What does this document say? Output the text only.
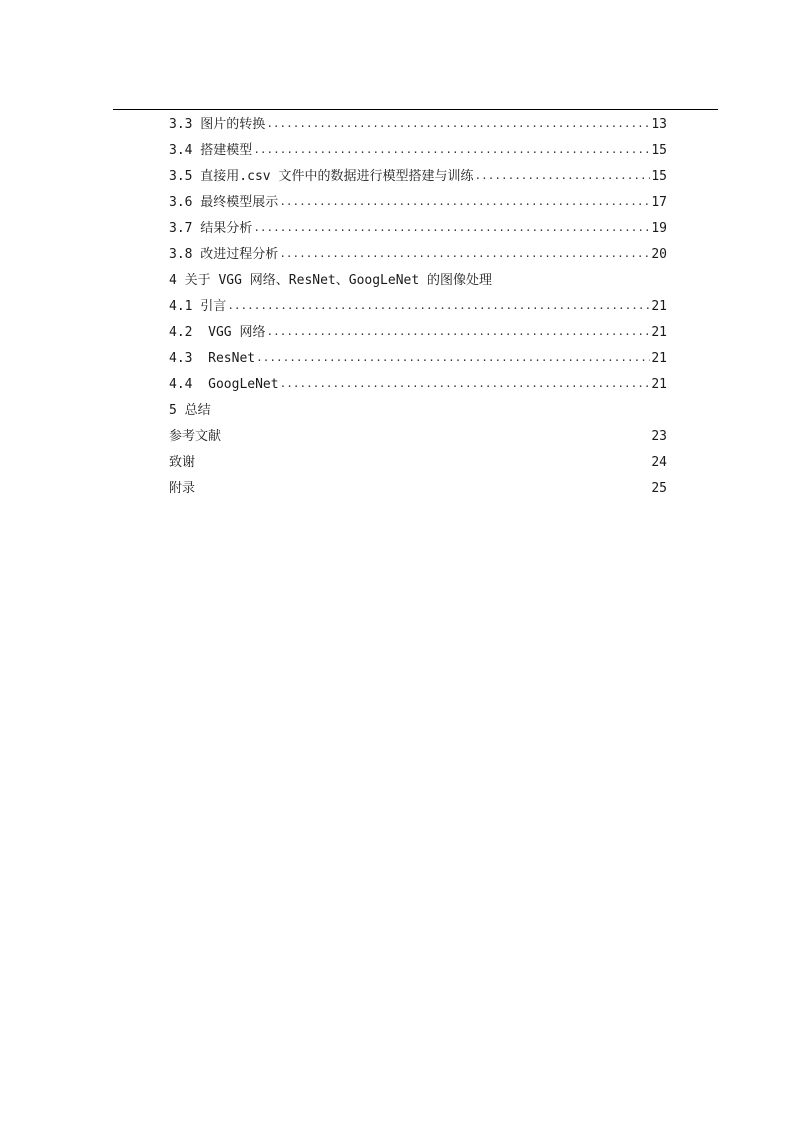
3.3 图片的转换 .....	13
3.4 搭建模型 .....	15
3.5 直接用.csv 文件中的数据进行模型搭建与训练 .....	15
3.6 最终模型展示 .....	17
3.7 结果分析 .....	19
3.8 改进过程分析 .....	20
4 关于 VGG 网络、ResNet、GoogLeNet 的图像处理
4.1 引言 .....	21
4.2  VGG 网络 .....	21
4.3  ResNet .....	21
4.4  GoogLeNet .....	21
5 总结
参考文献	23
致谢	24
附录	25
